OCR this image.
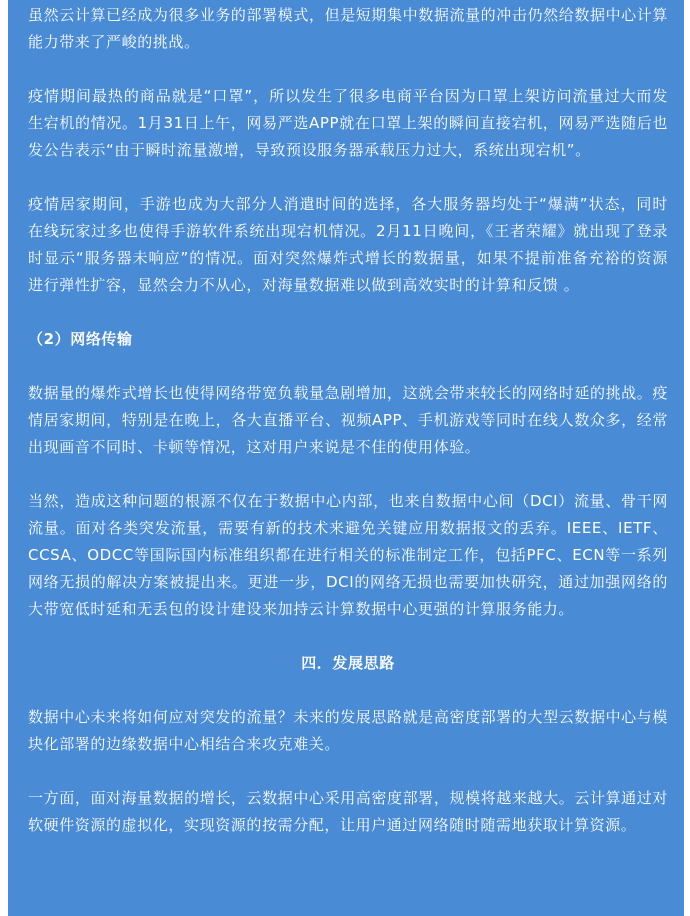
虽然云计算已经成为很多业务的部署模式，但是短期集中数据流量的冲击仍然给数据中心计算能力带来了严峻的挑战。

疫情期间最热的商品就是“口罩”，所以发生了很多电商平台因为口罩上架访问流量过大而发生宕机的情况。1月31日上午，网易严选APP就在口罩上架的瞬间直接宕机，网易严选随后也发公告表示“由于瞬时流量激增，导致预设服务器承载压力过大，系统出现宕机”。

疫情居家期间，手游也成为大部分人消遣时间的选择，各大服务器均处于“爆满”状态，同时在线玩家过多也使得手游软件系统出现宕机情况。2月11日晚间，《王者荣耀》就出现了登录时显示“服务器未响应”的情况。面对突然爆炸式增长的数据量，如果不提前准备充裕的资源进行弹性扩容，显然会力不从心，对海量数据难以做到高效实时的计算和反馈 。

（2）网络传输

数据量的爆炸式增长也使得网络带宽负载量急剧增加，这就会带来较长的网络时延的挑战。疫情居家期间，特别是在晚上，各大直播平台、视频APP、手机游戏等同时在线人数众多，经常出现画音不同时、卡顿等情况，这对用户来说是不佳的使用体验。

当然，造成这种问题的根源不仅在于数据中心内部，也来自数据中心间（DCI）流量、骨干网流量。面对各类突发流量，需要有新的技术来避免关键应用数据报文的丢弃。IEEE、IETF、CCSA、ODCC等国际国内标准组织都在进行相关的标准制定工作，包括PFC、ECN等一系列网络无损的解决方案被提出来。更进一步，DCI的网络无损也需要加快研究，通过加强网络的大带宽低时延和无丢包的设计建设来加持云计算数据中心更强的计算服务能力。

四．发展思路

数据中心未来将如何应对突发的流量？未来的发展思路就是高密度部署的大型云数据中心与模块化部署的边缘数据中心相结合来攻克难关。

一方面，面对海量数据的增长，云数据中心采用高密度部署，规模将越来越大。云计算通过对软硬件资源的虚拟化，实现资源的按需分配，让用户通过网络随时随需地获取计算资源。
